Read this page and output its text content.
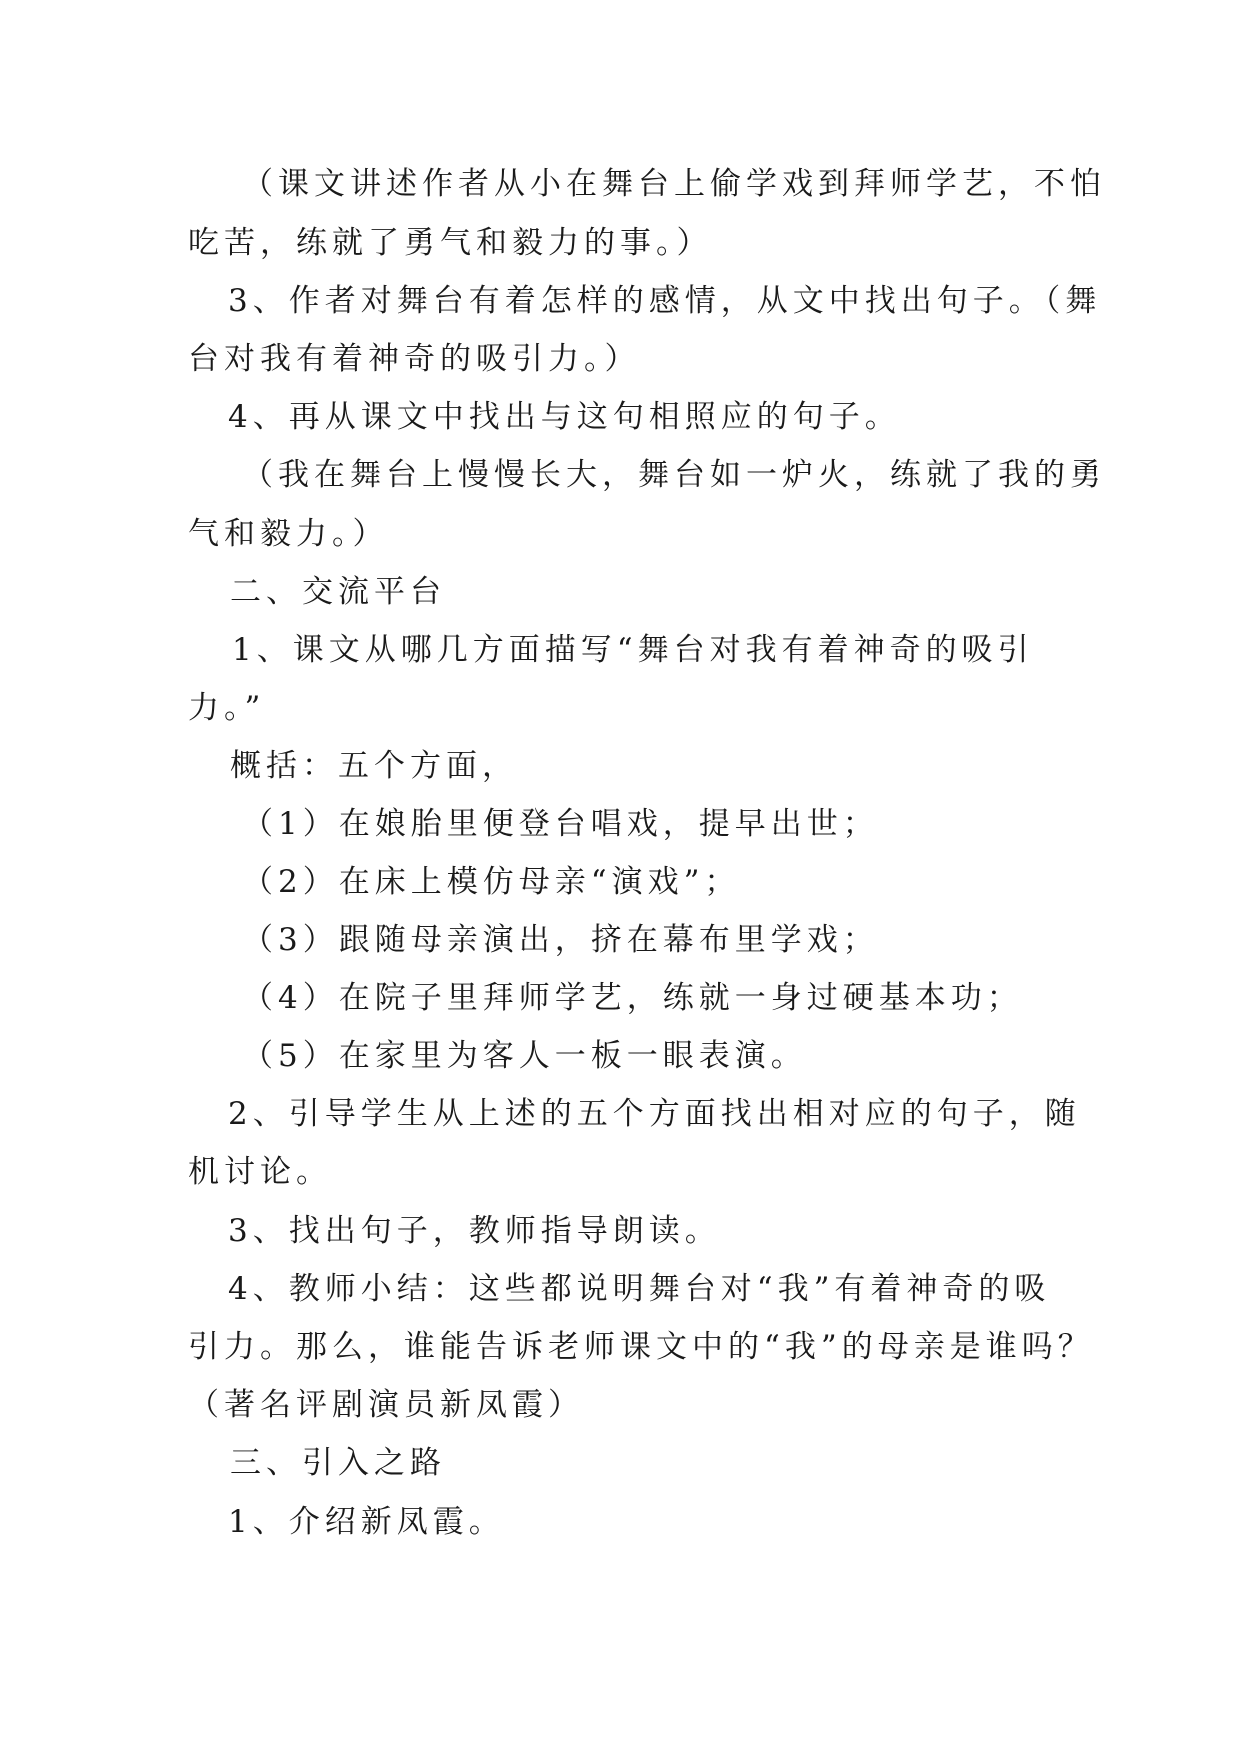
（课文讲述作者从小在舞台上偷学戏到拜师学艺，不怕
吃苦，练就了勇气和毅力的事。）
3、作者对舞台有着怎样的感情，从文中找出句子。（舞
台对我有着神奇的吸引力。）
4、再从课文中找出与这句相照应的句子。
（我在舞台上慢慢长大，舞台如一炉火，练就了我的勇
气和毅力。）
二、交流平台
1、课文从哪几方面描写“舞台对我有着神奇的吸引
力。”
概括：五个方面，
（1）在娘胎里便登台唱戏，提早出世；
（2）在床上模仿母亲“演戏”；
（3）跟随母亲演出，挤在幕布里学戏；
（4）在院子里拜师学艺，练就一身过硬基本功；
（5）在家里为客人一板一眼表演。
2、引导学生从上述的五个方面找出相对应的句子，随
机讨论。
3、找出句子，教师指导朗读。
4、教师小结：这些都说明舞台对“我”有着神奇的吸
引力。那么，谁能告诉老师课文中的“我”的母亲是谁吗？
（著名评剧演员新凤霞）
三、引入之路
1、介绍新凤霞。
